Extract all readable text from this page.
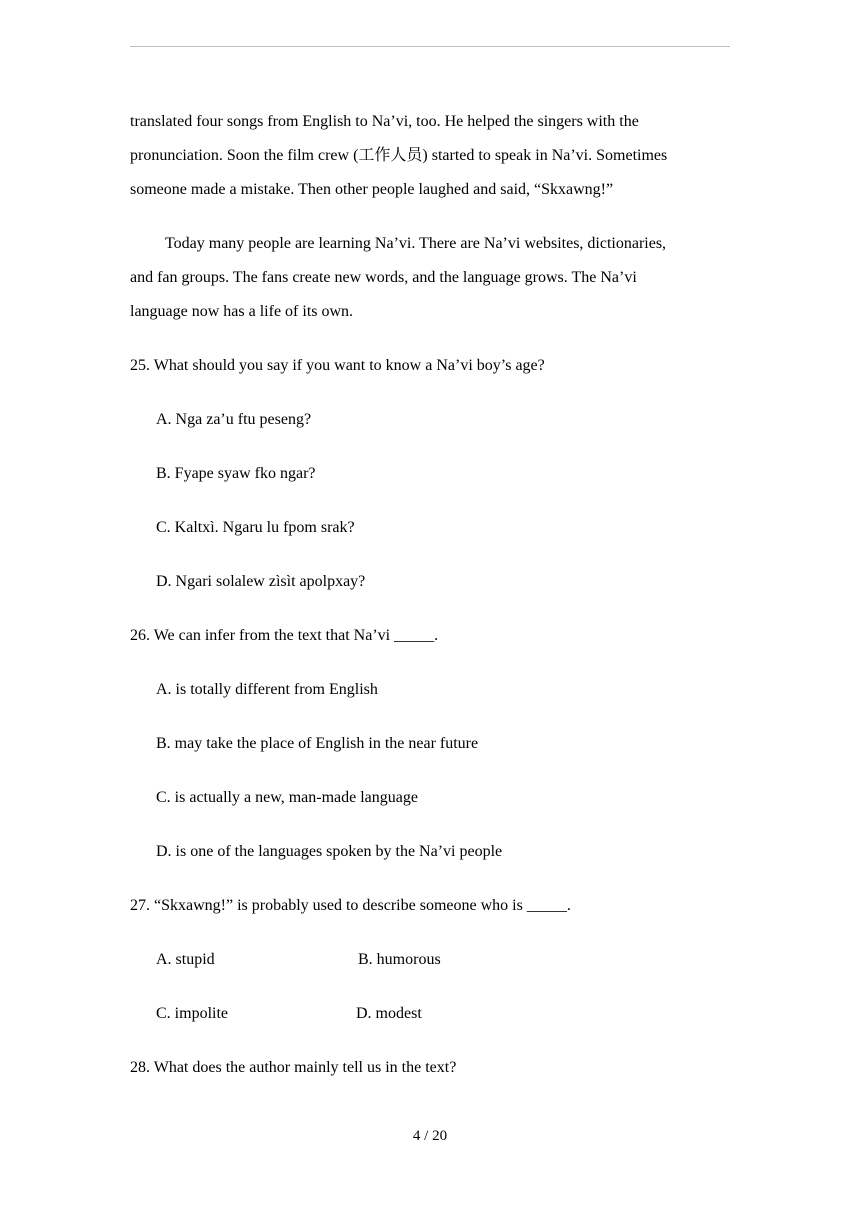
translated four songs from English to Na’vi, too. He helped the singers with the
pronunciation. Soon the film crew (工作人员) started to speak in Na’vi. Sometimes
someone made a mistake. Then other people laughed and said, “Skxawng!”
Today many people are learning Na’vi. There are Na’vi websites, dictionaries,
and fan groups. The fans create new words, and the language grows. The Na’vi
language now has a life of its own.
25. What should you say if you want to know a Na’vi boy’s age?
A. Nga za’u ftu peseng?
B. Fyape syaw fko ngar?
C. Kaltxì. Ngaru lu fpom srak?
D. Ngari solalew zìsìt apolpxay?
26. We can infer from the text that Na’vi _____.
A. is totally different from English
B. may take the place of English in the near future
C. is actually a new, man-made language
D. is one of the languages spoken by the Na’vi people
27. “Skxawng!” is probably used to describe someone who is _____.
A. stupid	B. humorous
C. impolite	D. modest
28. What does the author mainly tell us in the text?
4 / 20
